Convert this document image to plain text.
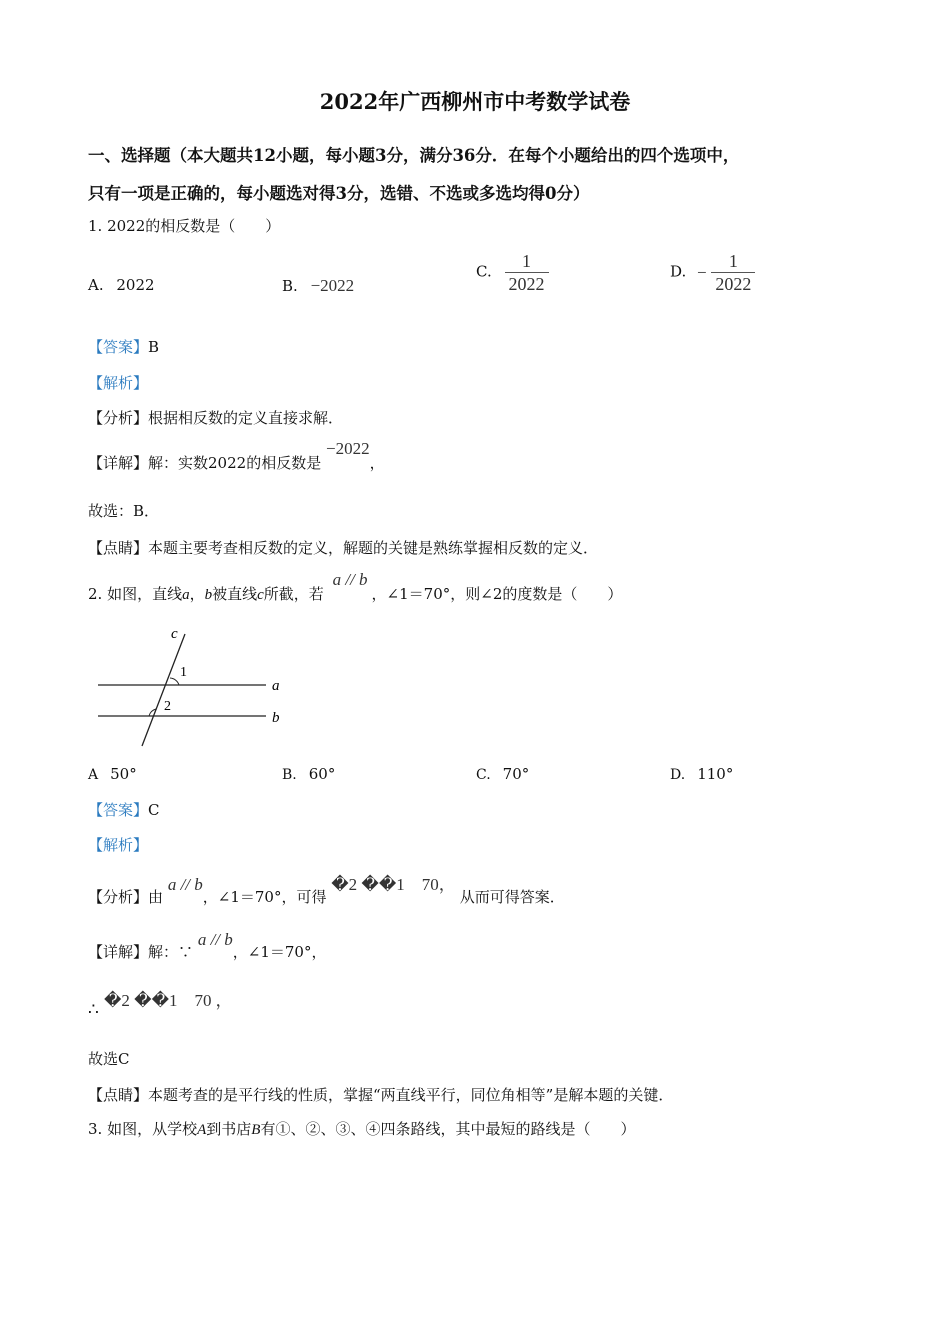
2022年广西柳州市中考数学试卷
一、选择题（本大题共12小题，每小题3分，满分36分．在每个小题给出的四个选项中，
只有一项是正确的，每小题选对得3分，选错、不选或多选均得0分）
1. 2022的相反数是（　　）
A. 2022	B. −2022
C. $\frac{1}{2022}$	D. − $\frac{1}{2022}$
【答案】B
【解析】
【分析】根据相反数的定义直接求解．
【详解】解：实数2022的相反数是 −2022，
故选：B．
【点睛】本题主要考查相反数的定义，解题的关键是熟练掌握相反数的定义．
2. 如图，直线a，b被直线c所截，若 a // b，∠1＝70°，则∠2的度数是（　　）
c
1
2
a
b
A 50°	B. 60°	C. 70°	D. 110°
【答案】C
【解析】
【分析】由 a // b，∠1＝70°，可得 �2 ��1　70，从而可得答案．
【详解】解：∵ a // b，∠1＝70°，
�2 ��1　70 ，
∴
故选C
【点睛】本题考查的是平行线的性质，掌握“两直线平行，同位角相等”是解本题的关键．
3. 如图，从学校A到书店B有①、②、③、④四条路线，其中最短的路线是（　　）
